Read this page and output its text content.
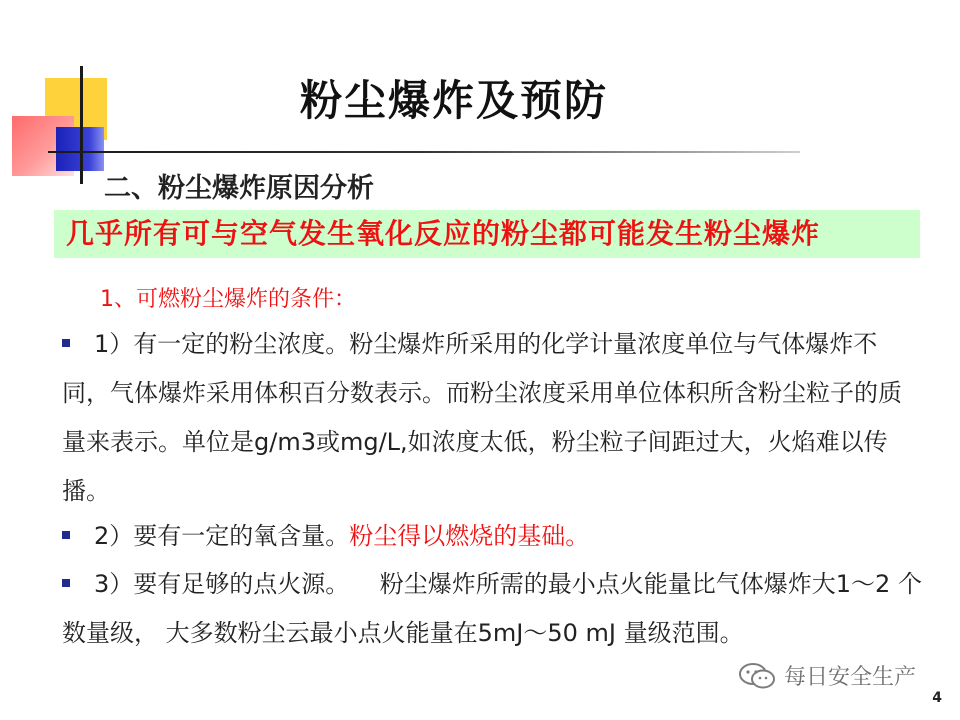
粉尘爆炸及预防
二、粉尘爆炸原因分析
几乎所有可与空气发生氧化反应的粉尘都可能发生粉尘爆炸
1、可燃粉尘爆炸的条件：
1）有一定的粉尘浓度。粉尘爆炸所采用的化学计量浓度单位与气体爆炸不同，气体爆炸采用体积百分数表示。而粉尘浓度采用单位体积所含粉尘粒子的质量来表示。单位是g/m3或mg/L,如浓度太低，粉尘粒子间距过大，火焰难以传播。
2）要有一定的氧含量。粉尘得以燃烧的基础。
3）要有足够的点火源。    粉尘爆炸所需的最小点火能量比气体爆炸大1～2 个数量级， 大多数粉尘云最小点火能量在5mJ～50 mJ 量级范围。
每日安全生产
4
